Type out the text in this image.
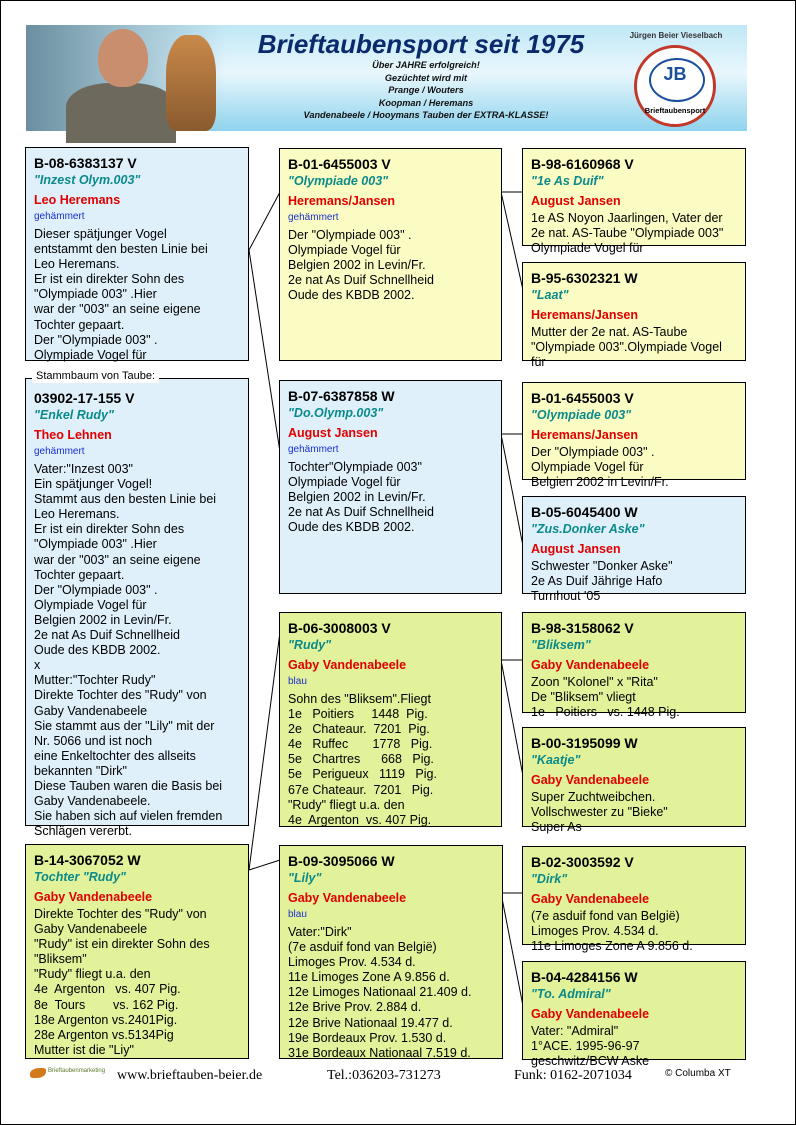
Brieftaubensport seit 1975
Über JAHRE erfolgreich!
Gezüchtet wird mit
Prange / Wouters
Koopman / Heremans
Vandenabeele / Hooymans Tauben der EXTRA-KLASSE!
Jürgen Beier Vieselbach
JB
Brieftaubensport
B-08-6383137 V
"Inzest Olym.003"
Leo Heremans
gehämmert
Dieser spätjunger Vogel
entstammt den besten Linie bei
Leo Heremans.
Er ist ein direkter Sohn des
"Olympiade 003" .Hier
war der "003" an seine eigene
Tochter gepaart.
Der "Olympiade 003" .
Olympiade Vogel für
03902-17-155 V
"Enkel Rudy"
Theo Lehnen
gehämmert
Vater:"Inzest 003"
Ein spätjunger Vogel!
Stammt aus den besten Linie bei
Leo Heremans.
Er ist ein direkter Sohn des
"Olympiade 003" .Hier
war der "003" an seine eigene
Tochter gepaart.
Der "Olympiade 003" .
Olympiade Vogel für
Belgien 2002 in Levin/Fr.
2e nat As Duif Schnellheid
Oude des KBDB 2002.
x
Mutter:"Tochter Rudy"
Direkte Tochter des "Rudy" von
Gaby Vandenabeele
Sie stammt aus der "Lily" mit der
Nr. 5066 und ist noch
eine Enkeltochter des allseits
bekannten "Dirk"
Diese Tauben waren die Basis bei
Gaby Vandenabeele.
Sie haben sich auf vielen fremden
Schlägen vererbt.
Stammbaum von Taube:
B-14-3067052 W
Tochter "Rudy"
Gaby Vandenabeele
Direkte Tochter des "Rudy" von
Gaby Vandenabeele
"Rudy" ist ein direkter Sohn des
"Bliksem"
"Rudy" fliegt u.a. den
4e  Argenton   vs. 407 Pig.
8e  Tours        vs. 162 Pig.
18e Argenton vs.2401Pig.
28e Argenton vs.5134Pig
Mutter ist die "Liy"
B-01-6455003 V
"Olympiade 003"
Heremans/Jansen
gehämmert
Der "Olympiade 003" .
Olympiade Vogel für
Belgien 2002 in Levin/Fr.
2e nat As Duif Schnellheid
Oude des KBDB 2002.
B-07-6387858 W
"Do.Olymp.003"
August Jansen
gehämmert
Tochter"Olympiade 003"
Olympiade Vogel für
Belgien 2002 in Levin/Fr.
2e nat As Duif Schnellheid
Oude des KBDB 2002.
B-06-3008003 V
"Rudy"
Gaby Vandenabeele
blau
Sohn des "Bliksem".Fliegt
1e   Poitiers     1448  Pig.
2e   Chateaur.  7201  Pig.
4e   Ruffec       1778   Pig.
5e   Chartres      668   Pig.
5e   Perigueux   1119   Pig.
67e Chateaur.  7201   Pig.
"Rudy" fliegt u.a. den
4e  Argenton  vs. 407 Pig.
B-09-3095066 W
"Lily"
Gaby Vandenabeele
blau
Vater:"Dirk"
(7e asduif fond van België)
Limoges Prov. 4.534 d.
11e Limoges Zone A 9.856 d.
12e Limoges Nationaal 21.409 d.
12e Brive Prov. 2.884 d.
12e Brive Nationaal 19.477 d.
19e Bordeaux Prov. 1.530 d.
31e Bordeaux Nationaal 7.519 d.
B-98-6160968 V
"1e As Duif"
August Jansen
1e AS Noyon Jaarlingen, Vater der
2e nat. AS-Taube "Olympiade 003"
Olympiade Vogel für
B-95-6302321 W
"Laat"
Heremans/Jansen
Mutter der 2e nat. AS-Taube
"Olympiade 003".Olympiade Vogel
für
B-01-6455003 V
"Olympiade 003"
Heremans/Jansen
Der "Olympiade 003" .
Olympiade Vogel für
Belgien 2002 in Levin/Fr.
B-05-6045400 W
"Zus.Donker Aske"
August Jansen
Schwester "Donker Aske"
2e As Duif Jährige Hafo
Turnhout '05
B-98-3158062 V
"Bliksem"
Gaby Vandenabeele
Zoon "Kolonel" x "Rita"
De "Bliksem" vliegt
1e   Poitiers   vs. 1448 Pig.
B-00-3195099 W
"Kaatje"
Gaby Vandenabeele
Super Zuchtweibchen.
Vollschwester zu "Bieke"
Super As
B-02-3003592 V
"Dirk"
Gaby Vandenabeele
(7e asduif fond van België)
Limoges Prov. 4.534 d.
11e Limoges Zone A 9.856 d.
B-04-4284156 W
"To. Admiral"
Gaby Vandenabeele
Vater: "Admiral"
1°ACE. 1995-96-97
geschwitz/BCW Aske
Brieftaubenmarketing www.brieftauben-beier.de	Tel.:036203-731273	Funk: 0162-2071034	© Columba XT
